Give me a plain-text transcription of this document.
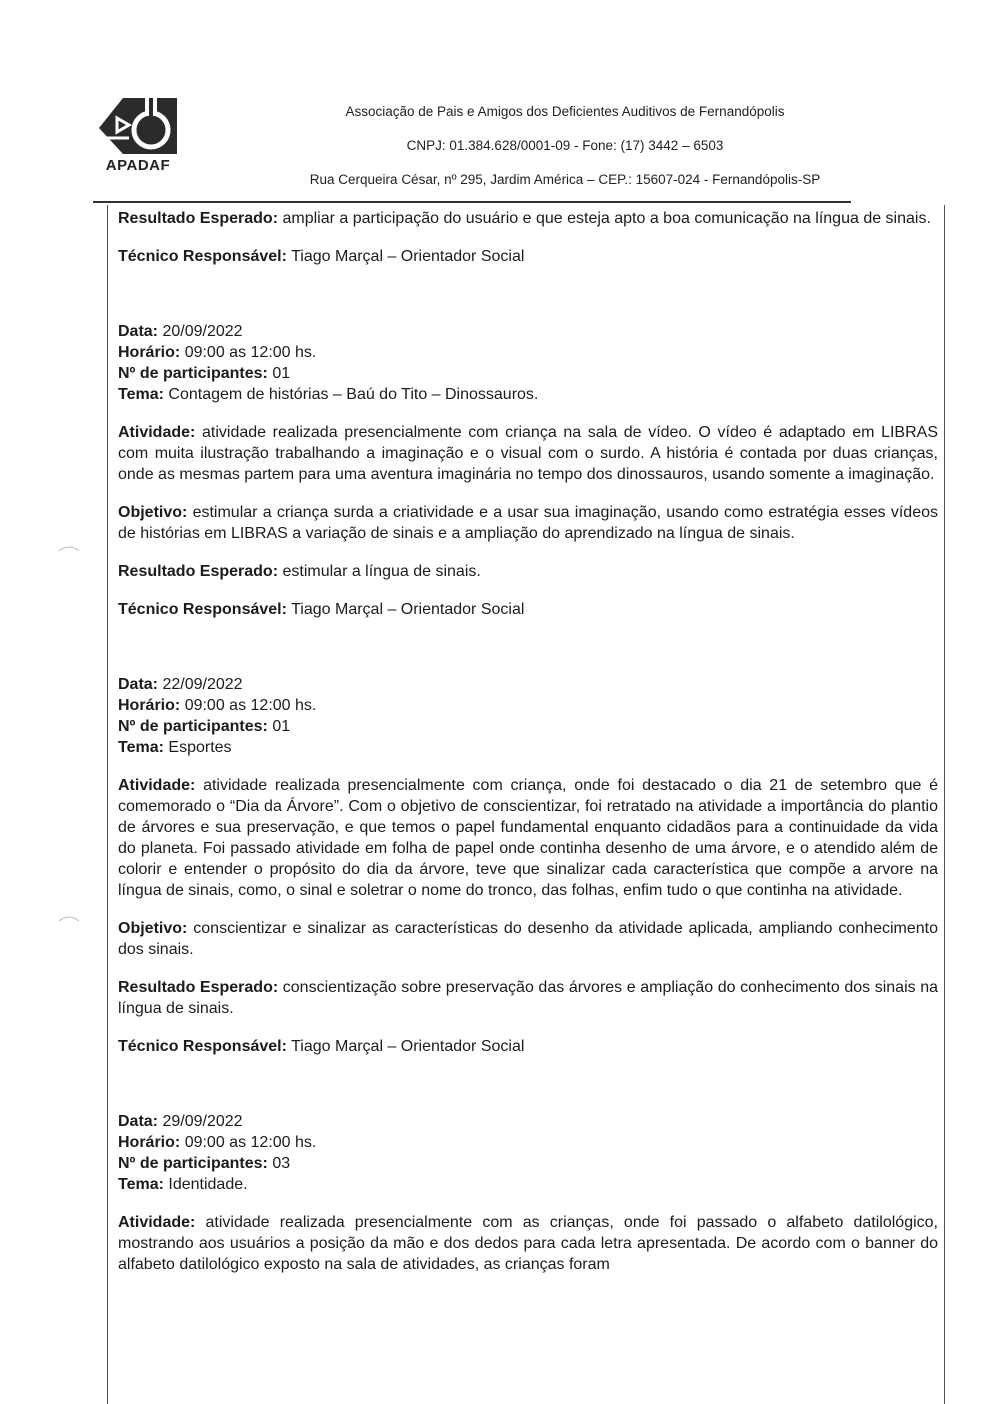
APADAF
Associação de Pais e Amigos dos Deficientes Auditivos de Fernandópolis
CNPJ: 01.384.628/0001-09 - Fone: (17) 3442 – 6503
Rua Cerqueira César, nº 295, Jardim América – CEP.: 15607-024 - Fernandópolis-SP

Resultado Esperado: ampliar a participação do usuário e que esteja apto a boa comunicação na língua de sinais.

Técnico Responsável: Tiago Marçal – Orientador Social

Data: 20/09/2022

Horário: 09:00 as 12:00 hs.

Nº de participantes: 01

Tema: Contagem de histórias – Baú do Tito – Dinossauros.

Atividade: atividade realizada presencialmente com criança na sala de vídeo. O vídeo é adaptado em LIBRAS com muita ilustração trabalhando a imaginação e o visual com o surdo. A história é contada por duas crianças, onde as mesmas partem para uma aventura imaginária no tempo dos dinossauros, usando somente a imaginação.

Objetivo: estimular a criança surda a criatividade e a usar sua imaginação, usando como estratégia esses vídeos de histórias em LIBRAS a variação de sinais e a ampliação do aprendizado na língua de sinais.

Resultado Esperado: estimular a língua de sinais.

Técnico Responsável: Tiago Marçal – Orientador Social

Data: 22/09/2022

Horário: 09:00 as 12:00 hs.

Nº de participantes: 01

Tema: Esportes

Atividade: atividade realizada presencialmente com criança, onde foi destacado o dia 21 de setembro que é comemorado o “Dia da Árvore”. Com o objetivo de conscientizar, foi retratado na atividade a importância do plantio de árvores e sua preservação, e que temos o papel fundamental enquanto cidadãos para a continuidade da vida do planeta. Foi passado atividade em folha de papel onde continha desenho de uma árvore, e o atendido além de colorir e entender o propósito do dia da árvore, teve que sinalizar cada característica que compõe a arvore na língua de sinais, como, o sinal e soletrar o nome do tronco, das folhas, enfim tudo o que continha na atividade.

Objetivo: conscientizar e sinalizar as características do desenho da atividade aplicada, ampliando conhecimento dos sinais.

Resultado Esperado: conscientização sobre preservação das árvores e ampliação do conhecimento dos sinais na língua de sinais.

Técnico Responsável: Tiago Marçal – Orientador Social

Data: 29/09/2022

Horário: 09:00 as 12:00 hs.

Nº de participantes: 03

Tema: Identidade.

Atividade: atividade realizada presencialmente com as crianças, onde foi passado o alfabeto datilológico, mostrando aos usuários a posição da mão e dos dedos para cada letra apresentada. De acordo com o banner do alfabeto datilológico exposto na sala de atividades, as crianças foram
